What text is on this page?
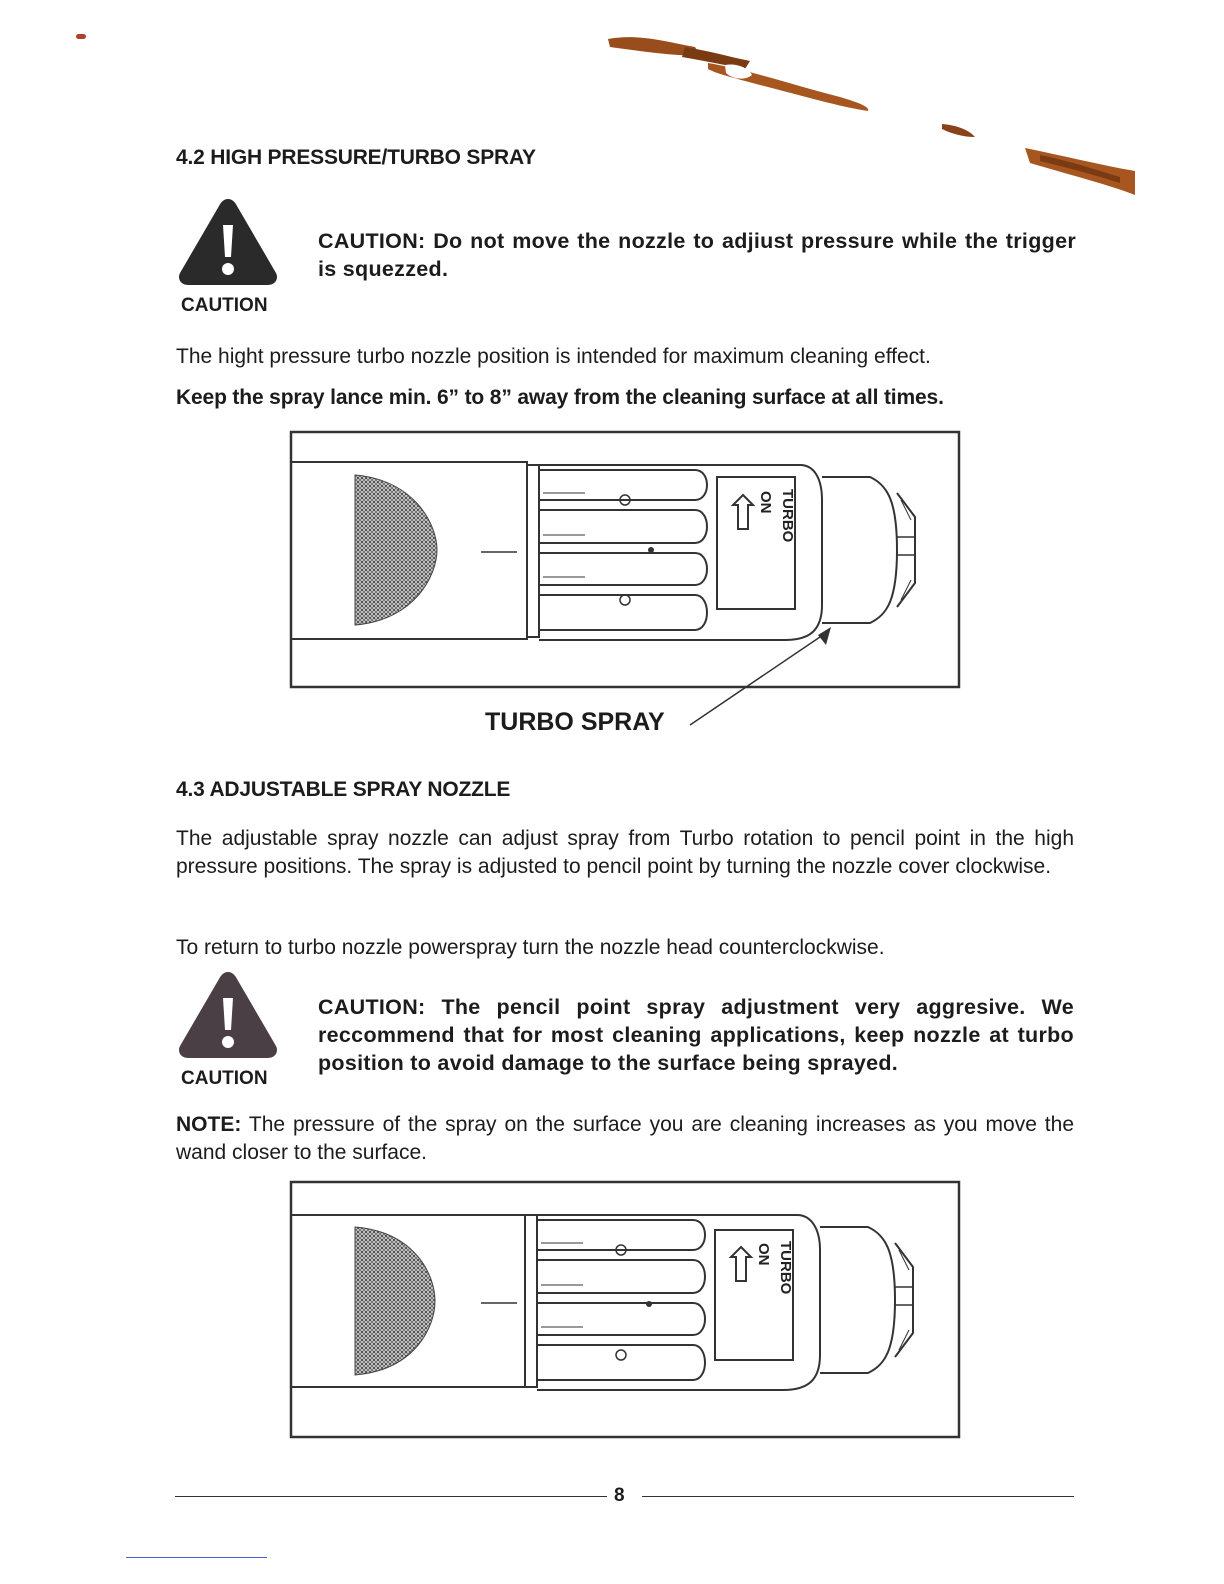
4.2 HIGH PRESSURE/TURBO SPRAY
CAUTION
CAUTION: Do not move the nozzle to adjiust pressure while the trigger is squezzed.
The hight pressure turbo nozzle position is intended for maximum cleaning effect.
Keep the spray lance min. 6” to 8” away from the cleaning surface at all times.
TURBO
ON
TURBO SPRAY
4.3 ADJUSTABLE SPRAY NOZZLE
The adjustable spray nozzle can adjust spray from Turbo rotation to pencil point in the high pressure positions. The spray is adjusted to pencil point by turning the nozzle cover clockwise.
To return to turbo nozzle powerspray turn the nozzle head counterclockwise.
CAUTION
CAUTION: The pencil point spray adjustment very aggresive. We reccommend that for most cleaning applications, keep nozzle at turbo position to avoid damage to the surface being sprayed.
NOTE: The pressure of the spray on the surface you are cleaning increases as you move the wand closer to the surface.
TURBO
ON
8
